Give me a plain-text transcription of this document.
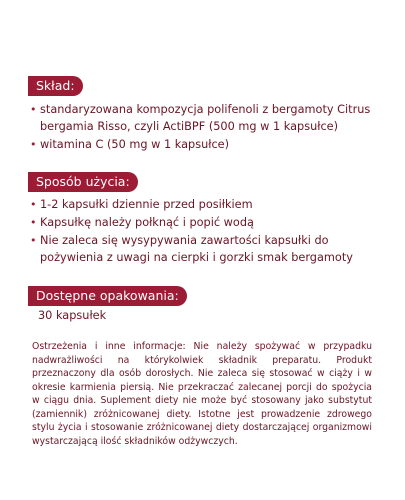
Skład:
• standaryzowana kompozycja polifenoli z bergamoty Citrus bergamia Risso, czyli ActiBPF (500 mg w 1 kapsułce)
• witamina C (50 mg w 1 kapsułce)
Sposób użycia:
• 1-2 kapsułki dziennie przed posiłkiem
• Kapsułkę należy połknąć i popić wodą
• Nie zaleca się wysypywania zawartości kapsułki do pożywienia z uwagi na cierpki i gorzki smak bergamoty
Dostępne opakowania:
30 kapsułek
Ostrzeżenia i inne informacje: Nie należy spożywać w przypadku nadwrażliwości na którykolwiek składnik preparatu. Produkt przeznaczony dla osób dorosłych. Nie zaleca się stosować w ciąży i w okresie karmienia piersią. Nie przekraczać zalecanej porcji do spożycia w ciągu dnia. Suplement diety nie może być stosowany jako substytut (zamiennik) zróżnicowanej diety. Istotne jest prowadzenie zdrowego stylu życia i stosowanie zróżnicowanej diety dostarczającej organizmowi wystarczającą ilość składników odżywczych.
